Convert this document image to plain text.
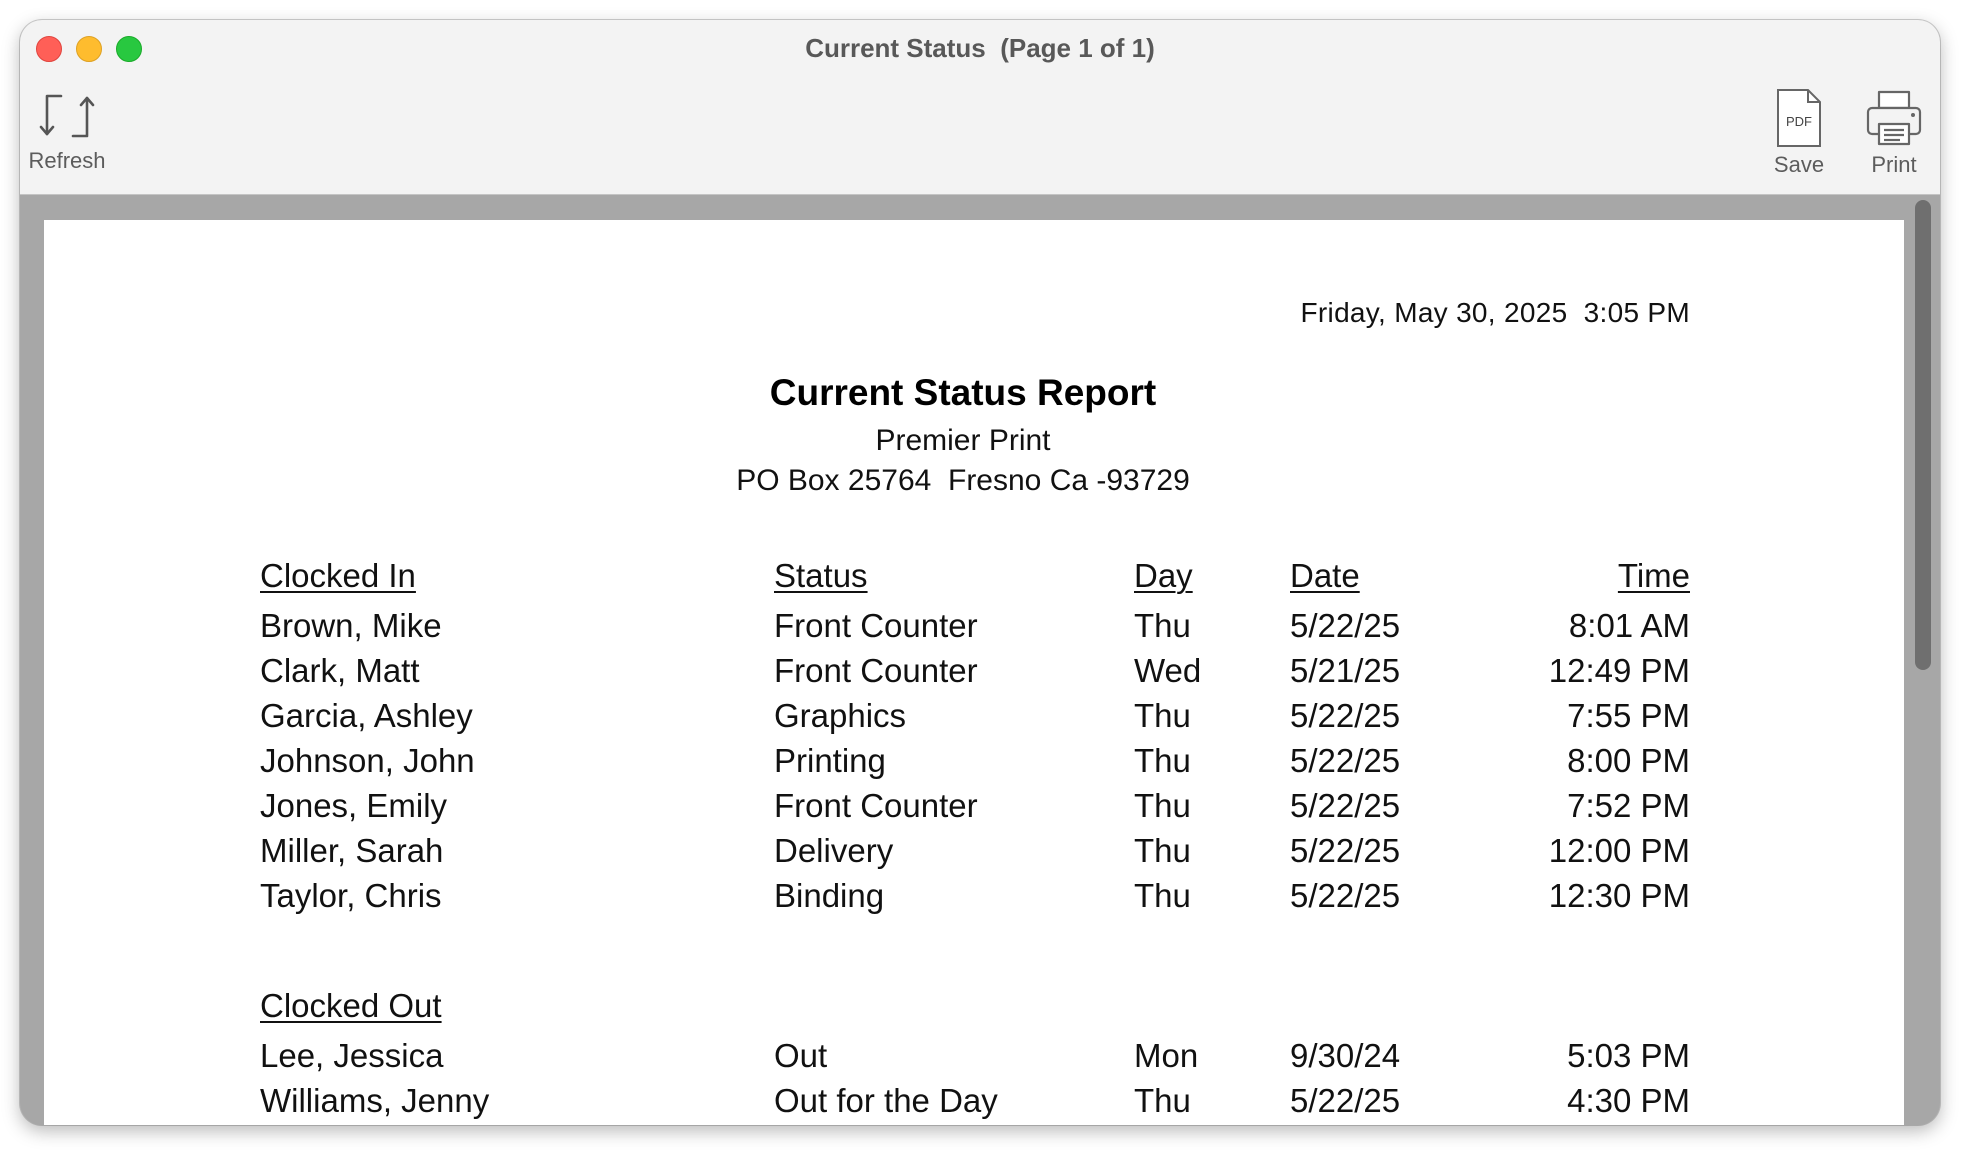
Current Status  (Page 1 of 1)
Refresh
PDF
Save	Print
Friday, May 30, 2025  3:05 PM
Current Status Report
Premier Print
PO Box 25764  Fresno Ca -93729
Clocked In	Status	Day	Date	Time
Brown, Mike	Front Counter	Thu	5/22/25	8:01 AM
Clark, Matt	Front Counter	Wed	5/21/25	12:49 PM
Garcia, Ashley	Graphics	Thu	5/22/25	7:55 PM
Johnson, John	Printing	Thu	5/22/25	8:00 PM
Jones, Emily	Front Counter	Thu	5/22/25	7:52 PM
Miller, Sarah	Delivery	Thu	5/22/25	12:00 PM
Taylor, Chris	Binding	Thu	5/22/25	12:30 PM
Clocked Out
Lee, Jessica	Out	Mon	9/30/24	5:03 PM
Williams, Jenny	Out for the Day	Thu	5/22/25	4:30 PM
